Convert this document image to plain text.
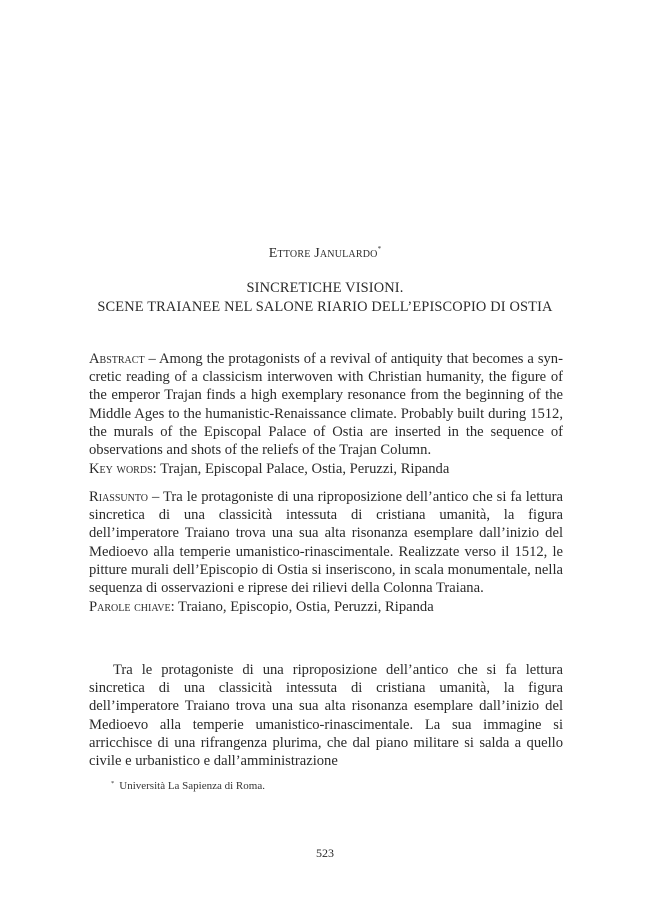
Ettore Janulardo*
SINCRETICHE VISIONI.
SCENE TRAIANEE NEL SALONE RIARIO DELL’EPISCOPIO DI OSTIA

Abstract – Among the protagonists of a revival of antiquity that becomes a syncretic reading of a classicism interwoven with Christian humanity, the figure of the emperor Trajan finds a high exemplary resonance from the beginning of the Middle Ages to the humanistic-Renaissance climate. Probably built during 1512, the murals of the Episcopal Palace of Ostia are inserted in the sequence of observations and shots of the reliefs of the Trajan Column.

Key words: Trajan, Episcopal Palace, Ostia, Peruzzi, Ripanda

Riassunto – Tra le protagoniste di una riproposizione dell’antico che si fa lettura sincretica di una classicità intessuta di cristiana umanità, la figura dell’imperatore Traiano trova una sua alta risonanza esemplare dall’inizio del Medioevo alla temperie umanistico-rinascimentale. Realizzate verso il 1512, le pitture murali dell’Episcopio di Ostia si inseriscono, in scala monumentale, nella sequenza di osservazioni e riprese dei rilievi della Colonna Traiana.

Parole chiave: Traiano, Episcopio, Ostia, Peruzzi, Ripanda

Tra le protagoniste di una riproposizione dell’antico che si fa lettura sincretica di una classicità intessuta di cristiana umanità, la figura dell’imperatore Traiano trova una sua alta risonanza esemplare dall’inizio del Medioevo alla temperie umanistico-rinascimentale. La sua immagine si arricchisce di una rifrangenza plurima, che dal piano militare si salda a quello civile e urbanistico e dall’amministrazione

* Università La Sapienza di Roma.
523
